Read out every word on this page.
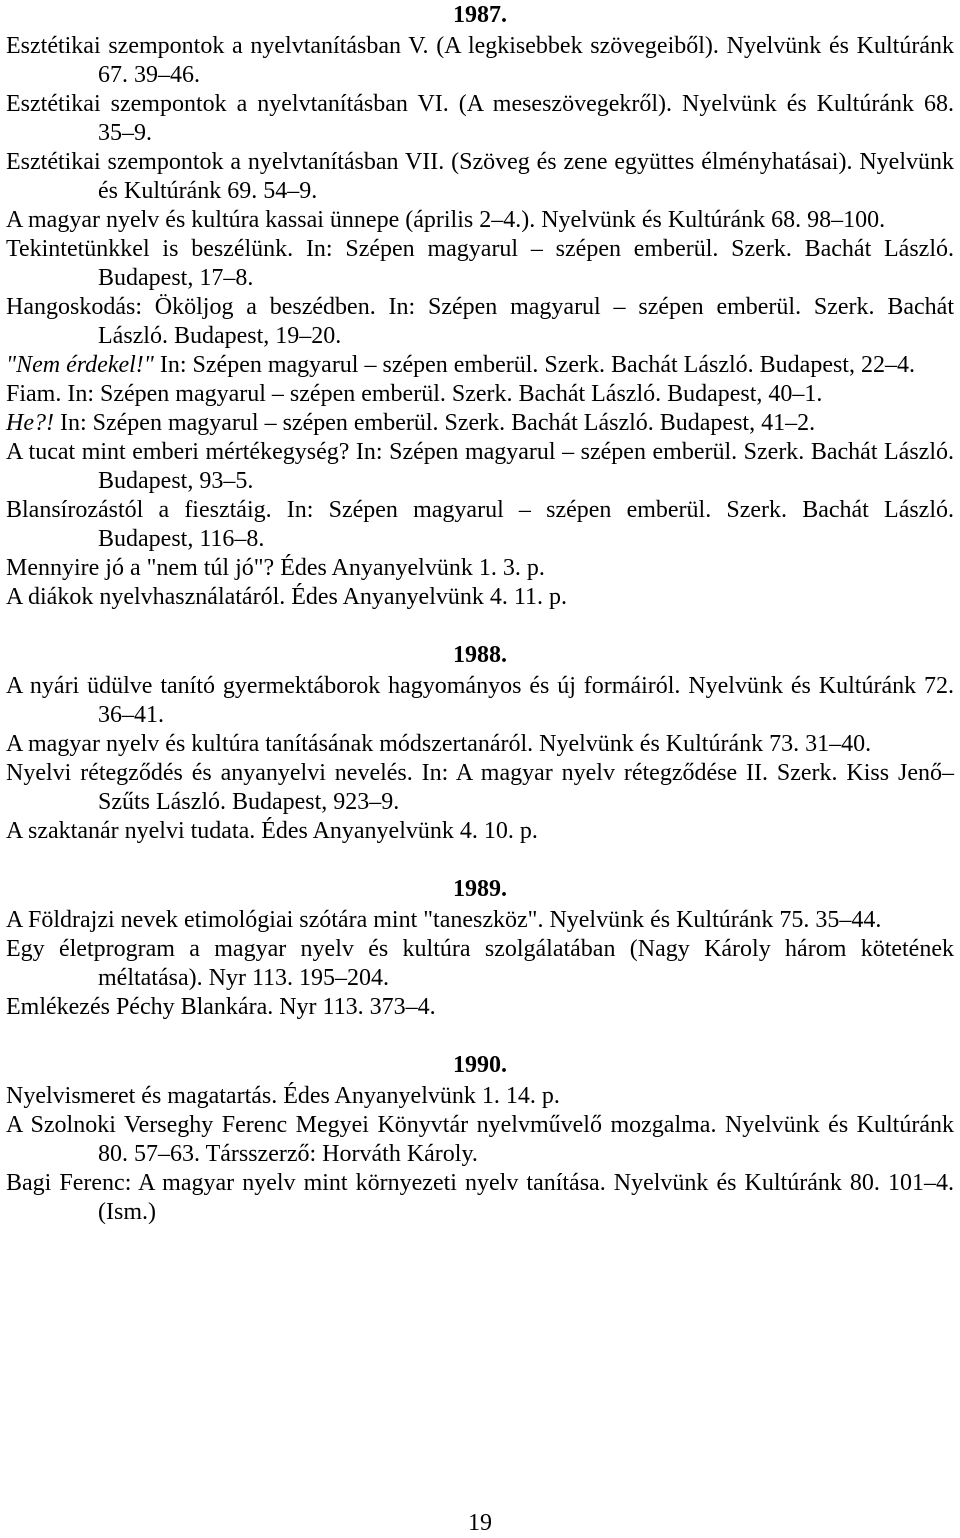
1987.

Esztétikai szempontok a nyelvtanításban V. (A legkisebbek szövegeiből). Nyelvünk és Kultúránk 67. 39–46.

Esztétikai szempontok a nyelvtanításban VI. (A meseszövegekről). Nyelvünk és Kultúránk 68. 35–9.

Esztétikai szempontok a nyelvtanításban VII. (Szöveg és zene együttes élményhatásai). Nyelvünk és Kultúránk 69. 54–9.

A magyar nyelv és kultúra kassai ünnepe (április 2–4.). Nyelvünk és Kultúránk 68. 98–100.

Tekintetünkkel is beszélünk. In: Szépen magyarul – szépen emberül. Szerk. Bachát László. Budapest, 17–8.

Hangoskodás: Ököljog a beszédben. In: Szépen magyarul – szépen emberül. Szerk. Bachát László. Budapest, 19–20.

"Nem érdekel!" In: Szépen magyarul – szépen emberül. Szerk. Bachát László. Budapest, 22–4.

Fiam. In: Szépen magyarul – szépen emberül. Szerk. Bachát László. Budapest, 40–1.

He?! In: Szépen magyarul – szépen emberül. Szerk. Bachát László. Budapest, 41–2.

A tucat mint emberi mértékegység? In: Szépen magyarul – szépen emberül. Szerk. Bachát László. Budapest, 93–5.

Blansírozástól a fiesztáig. In: Szépen magyarul – szépen emberül. Szerk. Bachát László. Budapest, 116–8.

Mennyire jó a "nem túl jó"? Édes Anyanyelvünk 1. 3. p.

A diákok nyelvhasználatáról. Édes Anyanyelvünk 4. 11. p.

1988.

A nyári üdülve tanító gyermektáborok hagyományos és új formáiról. Nyelvünk és Kultúránk 72. 36–41.

A magyar nyelv és kultúra tanításának módszertanáról. Nyelvünk és Kultúránk 73. 31–40.

Nyelvi rétegződés és anyanyelvi nevelés. In: A magyar nyelv rétegződése II. Szerk. Kiss Jenő–Szűts László. Budapest, 923–9.

A szaktanár nyelvi tudata. Édes Anyanyelvünk 4. 10. p.

1989.

A Földrajzi nevek etimológiai szótára mint "taneszköz". Nyelvünk és Kultúránk 75. 35–44.

Egy életprogram a magyar nyelv és kultúra szolgálatában (Nagy Károly három kötetének méltatása). Nyr 113. 195–204.

Emlékezés Péchy Blankára. Nyr 113. 373–4.

1990.

Nyelvismeret és magatartás. Édes Anyanyelvünk 1. 14. p.

A Szolnoki Verseghy Ferenc Megyei Könyvtár nyelvművelő mozgalma. Nyelvünk és Kultúránk 80. 57–63. Társszerző: Horváth Károly.

Bagi Ferenc: A magyar nyelv mint környezeti nyelv tanítása. Nyelvünk és Kultúránk 80. 101–4. (Ism.)

19
